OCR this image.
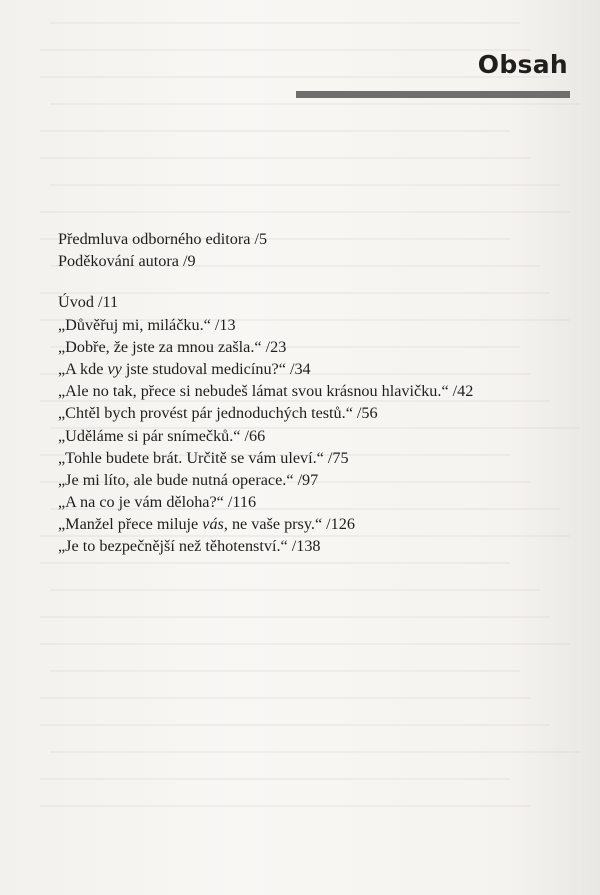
Obsah
Předmluva odborného editora /5
Poděkování autora /9
Úvod /11
„Důvěřuj mi, miláčku.“ /13
„Dobře, že jste za mnou zašla.“ /23
„A kde vy jste studoval medicínu?“ /34
„Ale no tak, přece si nebudeš lámat svou krásnou hlavičku.“ /42
„Chtěl bych provést pár jednoduchých testů.“ /56
„Uděláme si pár snímečků.“ /66
„Tohle budete brát. Určitě se vám uleví.“ /75
„Je mi líto, ale bude nutná operace.“ /97
„A na co je vám děloha?“ /116
„Manžel přece miluje vás, ne vaše prsy.“ /126
„Je to bezpečnější než těhotenství.“ /138
